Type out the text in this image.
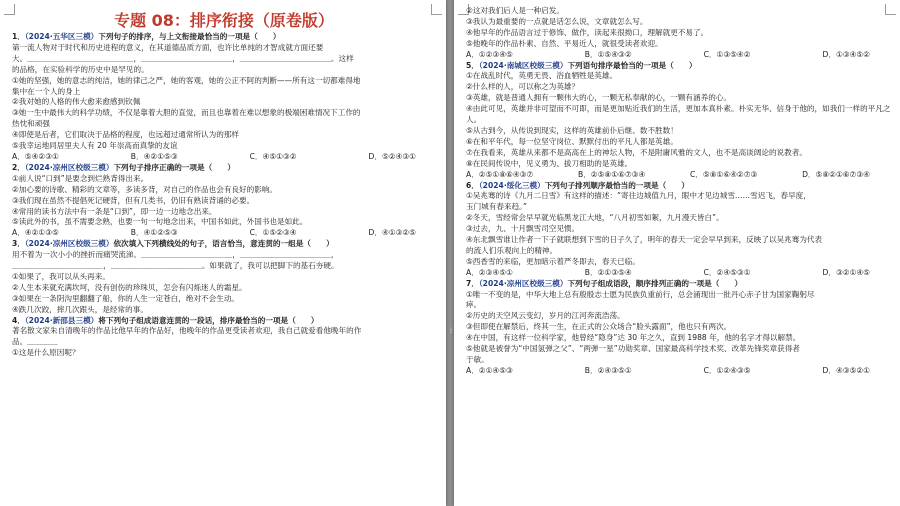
专题 08：排序衔接（原卷版）
1．（2024·五华区三模）下列句子的排序，与上文衔接最恰当的一项是（　　）
第一流人物对于时代和历史进程的意义，在其道德品质方面，也许比单纯的才智成就方面还要
大。＿＿＿＿＿＿＿＿＿＿＿＿＿＿，＿＿＿＿＿＿＿＿＿＿＿＿，＿＿＿＿＿＿＿＿＿＿＿＿。这样
的品格，在实验科学的历史中是罕见的。
①她的坚强，她的意志的纯洁，她的律己之严，她的客观，她的公正不阿的判断——所有这一切都难得地
集中在一个人的身上
②我对她的人格的伟大愈来愈感到钦佩
③她一生中最伟大的科学功绩，不仅是靠着大胆的直觉，而且也靠着在难以想象的极端困难情况下工作的
热忱和顽强
④即使是后者，它们取决于品格的程度，也远超过通常所认为的那样
⑤我幸运地同居里夫人有 20 年崇高而真挚的友谊
A．⑤④②③①	B．④②①⑤③	C．④⑤①③②	D．⑤②④③①
2．（2024·凉州区校级三模）下列句子排序正确的一项是（　　）
①前人说“口到”是要念到烂熟背得出来。
②加心要的诗歌、精彩的文章等，多读多背，对自己的作品也会有良好的影响。
③我们现在虽然不提倡死记硬背，但有几类书，仍旧有熟读背诵的必要。
④常用的读书方法中有一条是“口到”，即一边一边地念出来。
⑤读此外的书，虽不需要念熟，也要一句一句地念出来，中国书如此，外国书也是如此。
A．④②①③⑤	B．④①②⑤③	C．①⑤②③④	D．④①③②⑤
3．（2024·凉州区校级三模）依次填入下列横线处的句子，语言恰当，意连贯的一组是（　　）
用不着为一次小小的挫折而痛哭流涕。＿＿＿＿＿＿＿＿＿＿＿＿，＿＿＿＿＿＿＿＿＿＿＿＿，
＿＿＿＿＿＿＿＿＿＿＿＿，＿＿＿＿＿＿＿＿＿＿＿＿。如果就了，我可以把脚下的基石夯硬。
①如果了，我可以从头再来。
②人生本来就充满坎坷，没有创伤的珍珠贝，怎会有闪烁迷人的霜星。
③如果在一条阴沟里翻翻了船，你的人生一定苍白，绝对不会生动。
④跌几次跤，摔几次跟头，是经常的事。
4．（2024·新邵县三模）将下列句子组成语意连贯的一段话，排序最恰当的一项是（　　）
著名散文家朱自清晚年的作品比他早年的作品好，他晚年的作品更受读者欢迎，我自己就爱看他晚年的作
品。＿＿＿＿
①这是什么原因呢？
⁞
②这对我们后人是一种启发。
③我认为最重要的一点就是话怎么说，文章就怎么写。
④他早年的作品语言过于修饰、做作，读起来很拗口，理解就更不易了。
⑤他晚年的作品朴素、自然、平易近人，就很受读者欢迎。
A．①②③④⑤	B．①⑤④③②	C．①③⑤④②	D．①③④⑤②
5．（2024·南城区校级三模）下列语句排序最恰当的一项是（　　）
①在战乱时代，英勇无畏、浴血牺牲是英雄。
②什么样的人，可以称之为英雄？
③英雄，就是普通人拥有一颗伟大的心，一颗无私奉献的心，一颗有涵养的心。
④由此可见，英雄并非可望而不可即，而是更加贴近我们的生活，更加本真朴素。朴实无华、信身于他的，如我们一样的平凡之
人。
⑤从古到今，从传说到现实，这样的英雄前仆后继、数不胜数！
⑥在和平年代，每一位坚守岗位、默默付出的平凡人都是英雄。
⑦在我看来，英雄从来都不是高高在上的神坛人物，不是附庸风雅的文人，也不是高谈阔论的说教者。
⑧在民间传说中，见义勇为、拔刀相助的是英雄。
A．②⑤①⑧⑥④③⑦	B．②⑤⑧①⑥⑦③④	C．⑤⑧①⑥④②⑦③	D．⑤⑧②①⑥⑦③④
6．（2024·绥化三模）下列句子排列顺序最恰当的一项是（　　）
①吴兆骞的诗《九月二日雪》有这样的描述：“寄往边城值九月，眼中才见边城雪……雪迟飞，春早度，
玉门城有春来趋。”
②冬天，雪经常会早早就光临黑龙江大地，“八月初雪如絮，九月漫天皆白”。
③过去，九、十月飘雪司空见惯。
④东北飘雪谁让作者一下子就联想到下雪的日子久了，明年的春天一定会早早到来，反映了以吴兆骞为代表
的流人们乐观向上的精神。
⑤西香雪的来临，更加暗示着严冬即去，春天已临。
A．②③④⑤①	B．②①③⑤④	C．②④⑤③①	D．③②①④⑤
7．（2024·凉州区校级三模）下列句子组成语段，顺序排列正确的一项是（　　）
①唯一不变的是，中华大地上总有殷殷志士愿为民族负重前行，总会涌现出一批丹心赤子甘为国家鞠躬尽
瘁。
②历史的天空风云变幻，岁月的江河奔流浩荡。
③但即使在解禁后，终其一生，在正式的公众场合“脸头露面”，他也只有两次。
④在中国，有这样一位科学家，他曾经“隐身”达 30 年之久，直到 1988 年，他的名字才得以解禁。
⑤他就是被誉为“中国氢弹之父”、“两弹一星”功勋奖章、国家最高科学技术奖、改革先锋奖章获得者
于敏。
A．②①④⑤③	B．②④③⑤①	C．①②④③⑤	D．④③⑤②①
